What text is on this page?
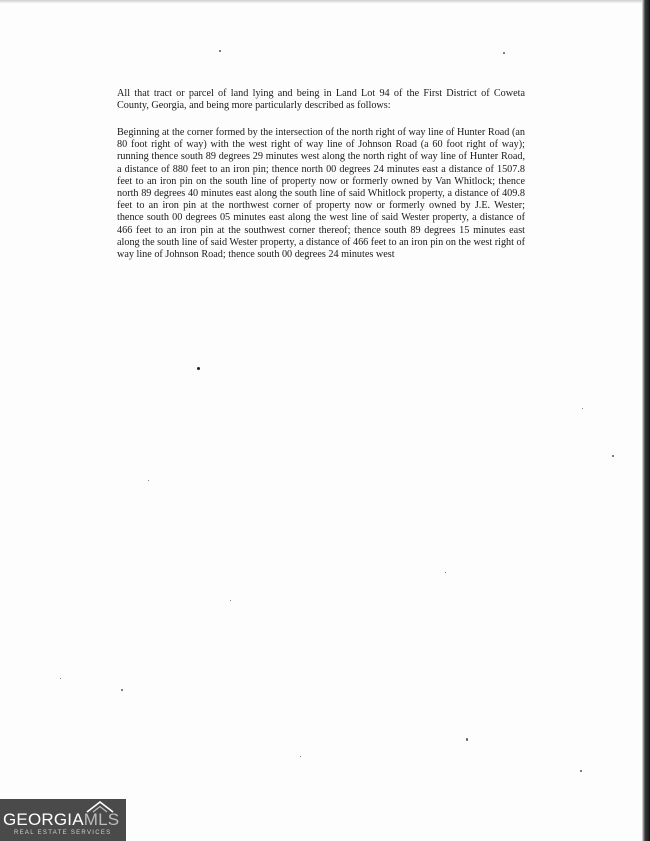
All that tract or parcel of land lying and being in Land Lot 94 of the First District of Coweta County, Georgia, and being more particularly described as follows:

Beginning at the corner formed by the intersection of the north right of way line of Hunter Road (an 80 foot right of way) with the west right of way line of Johnson Road (a 60 foot right of way); running thence south 89 degrees 29 minutes west along the north right of way line of Hunter Road, a distance of 880 feet to an iron pin; thence north 00 degrees 24 minutes east a distance of 1507.8 feet to an iron pin on the south line of property now or formerly owned by Van Whitlock; thence north 89 degrees 40 minutes east along the south line of said Whitlock property, a distance of 409.8 feet to an iron pin at the northwest corner of property now or formerly owned by J.E. Wester; thence south 00 degrees 05 minutes east along the west line of said Wester property, a distance of 466 feet to an iron pin at the southwest corner thereof; thence south 89 degrees 15 minutes east along the south line of said Wester property, a distance of 466 feet to an iron pin on the west right of way line of Johnson Road; thence south 00 degrees 24 minutes west

GEORGIAMLS
REAL ESTATE SERVICES
